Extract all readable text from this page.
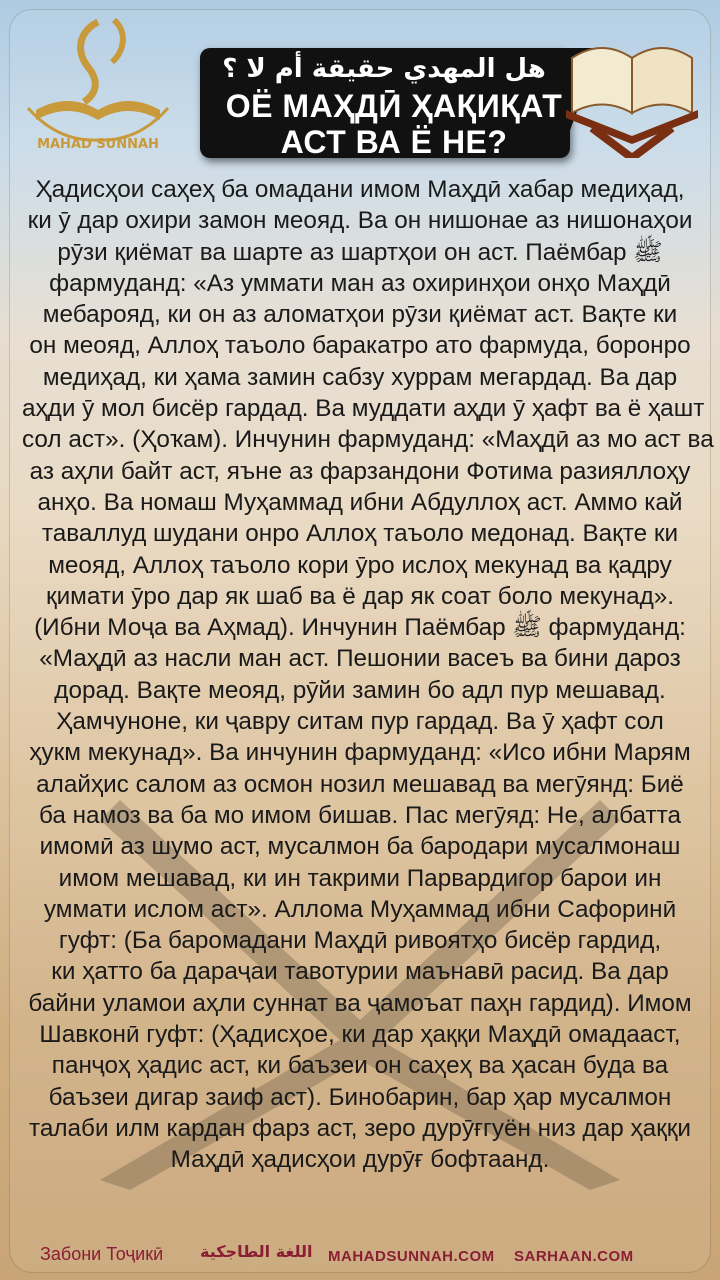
MAHAD SUNNAH
هل المهدي حقيقة أم لا ؟
ОЁ МАҲДӢ ҲАҚИҚАТ
АСТ ВА Ё НЕ?
Ҳадисҳои саҳеҳ ба омадани имом Маҳдӣ хабар медиҳад,
ки ӯ дар охири замон меояд. Ва он нишонае аз нишонаҳои
рӯзи қиёмат ва шарте аз шартҳои он аст. Паёмбар ﷺ
фармуданд: «Аз уммати ман аз охиринҳои онҳо Маҳдӣ
мебарояд, ки он аз аломатҳои рӯзи қиёмат аст. Вақте ки
он меояд, Аллоҳ таъоло баракатро ато фармуда, боронро
медиҳад, ки ҳама замин сабзу хуррам мегардад. Ва дар
аҳди ӯ мол бисёр гардад. Ва муддати аҳди ӯ ҳафт ва ё ҳашт
сол аст». (Ҳоҡам). Инчунин фармуданд: «Маҳдӣ аз мо аст ва
аз аҳли байт аст, яъне аз фарзандони Фотима разияллоҳу
анҳо. Ва номаш Муҳаммад ибни Абдуллоҳ аст. Аммо кай
таваллуд шудани онро Аллоҳ таъоло медонад. Вақте ки
меояд, Аллоҳ таъоло кори ӯро ислоҳ мекунад ва қадру
қимати ӯро дар як шаб ва ё дар як соат боло мекунад».
(Ибни Моҷа ва Аҳмад). Инчунин Паёмбар ﷺ фармуданд:
«Маҳдӣ аз насли ман аст. Пешонии васеъ ва бини дароз
дорад. Вақте меояд, рӯйи замин бо адл пур мешавад.
Ҳамчуноне, ки ҷавру ситам пур гардад. Ва ӯ ҳафт сол
ҳукм мекунад». Ва инчунин фармуданд: «Исо ибни Марям
алайҳис салом аз осмон нозил мешавад ва мегӯянд: Биё
ба намоз ва ба мо имом бишав. Пас мегӯяд: Не, албатта
имомӣ аз шумо аст, мусалмон ба бародари мусалмонаш
имом мешавад, ки ин такрими Парвардигор барои ин
уммати ислом аст». Аллома Муҳаммад ибни Сафоринӣ
гуфт: (Ба баромадани Маҳдӣ ривоятҳо бисёр гардид,
ки ҳатто ба дараҷаи тавотурии маънавӣ расид. Ва дар
байни уламои аҳли суннат ва ҷамоъат паҳн гардид). Имом
Шавконӣ гуфт: (Ҳадисҳое, ки дар ҳаққи Маҳдӣ омадааст,
панҷоҳ ҳадис аст, ки баъзеи он саҳеҳ ва ҳасан буда ва
баъзеи дигар заиф аст). Бинобарин, бар ҳар мусалмон
талаби илм кардан фарз аст, зеро дурӯғгуён низ дар ҳаққи
Маҳдӣ ҳадисҳои дурӯғ бофтаанд.
Забони Тоҷикӣ اللغة الطاجكية MAHADSUNNAH.COM SARHAAN.COM
